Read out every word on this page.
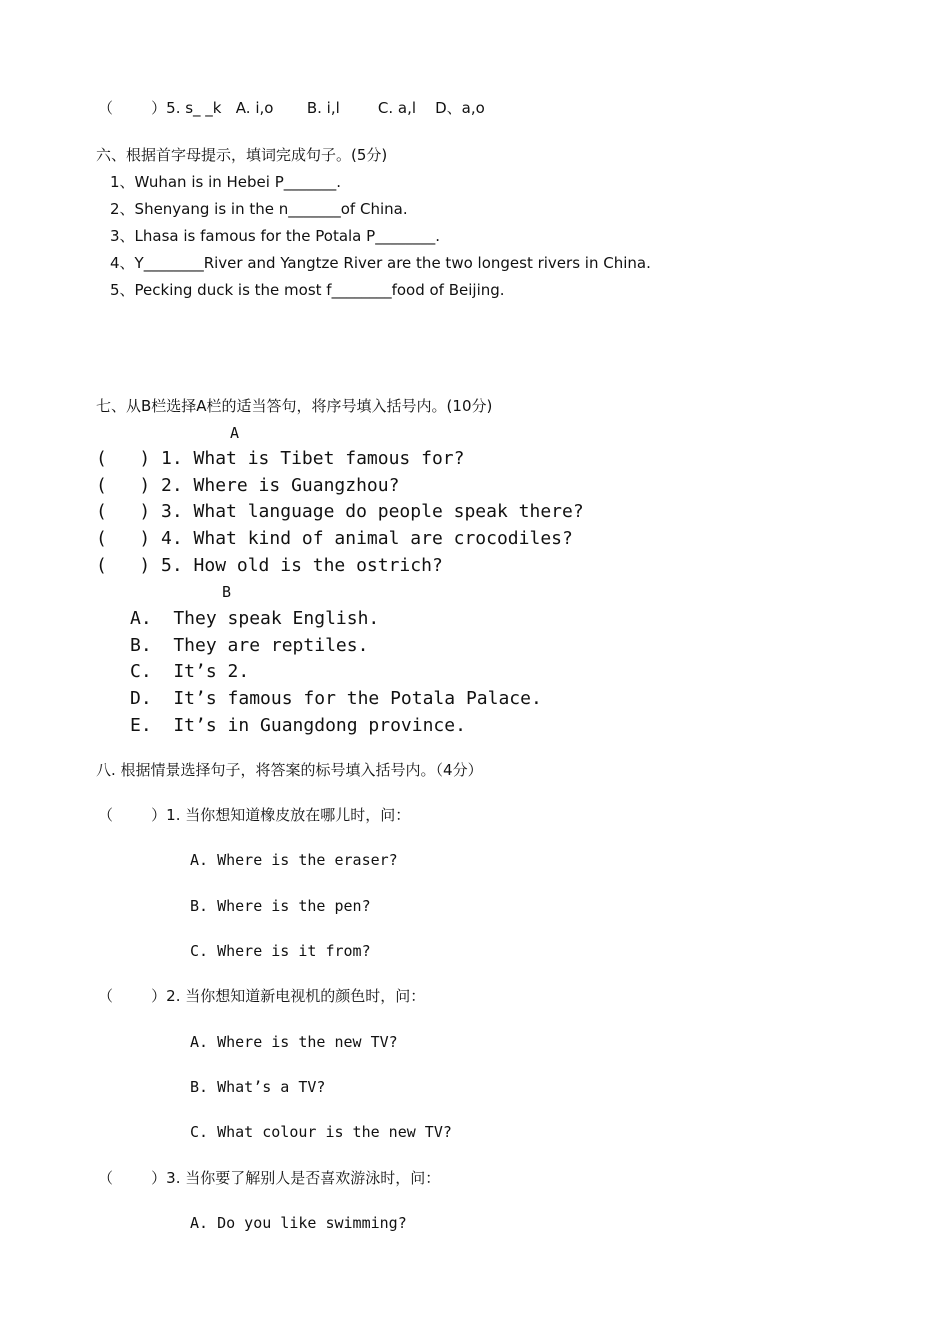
（        ）5. s_ _k   A. i,o       B. i,l        C. a,l    D、a,o
六、根据首字母提示，填词完成句子。(5分)
1、Wuhan is in Hebei P_______.
2、Shenyang is in the n_______of China.
3、Lhasa is famous for the Potala P________.
4、Y________River and Yangtze River are the two longest rivers in China.
5、Pecking duck is the most f________food of Beijing.
七、从B栏选择A栏的适当答句，将序号填入括号内。(10分)
A
(   ) 1. What is Tibet famous for?
(   ) 2. Where is Guangzhou?
(   ) 3. What language do people speak there?
(   ) 4. What kind of animal are crocodiles?
(   ) 5. How old is the ostrich?
B
A.  They speak English.
B.  They are reptiles.
C.  It’s 2.
D.  It’s famous for the Potala Palace.
E.  It’s in Guangdong province.
八. 根据情景选择句子，将答案的标号填入括号内。（4分）
（        ）1. 当你想知道橡皮放在哪儿时，问：
A. Where is the eraser?
B. Where is the pen?
C. Where is it from?
（        ）2. 当你想知道新电视机的颜色时，问：
A. Where is the new TV?
B. What’s a TV?
C. What colour is the new TV?
（        ）3. 当你要了解别人是否喜欢游泳时，问：
A. Do you like swimming?
